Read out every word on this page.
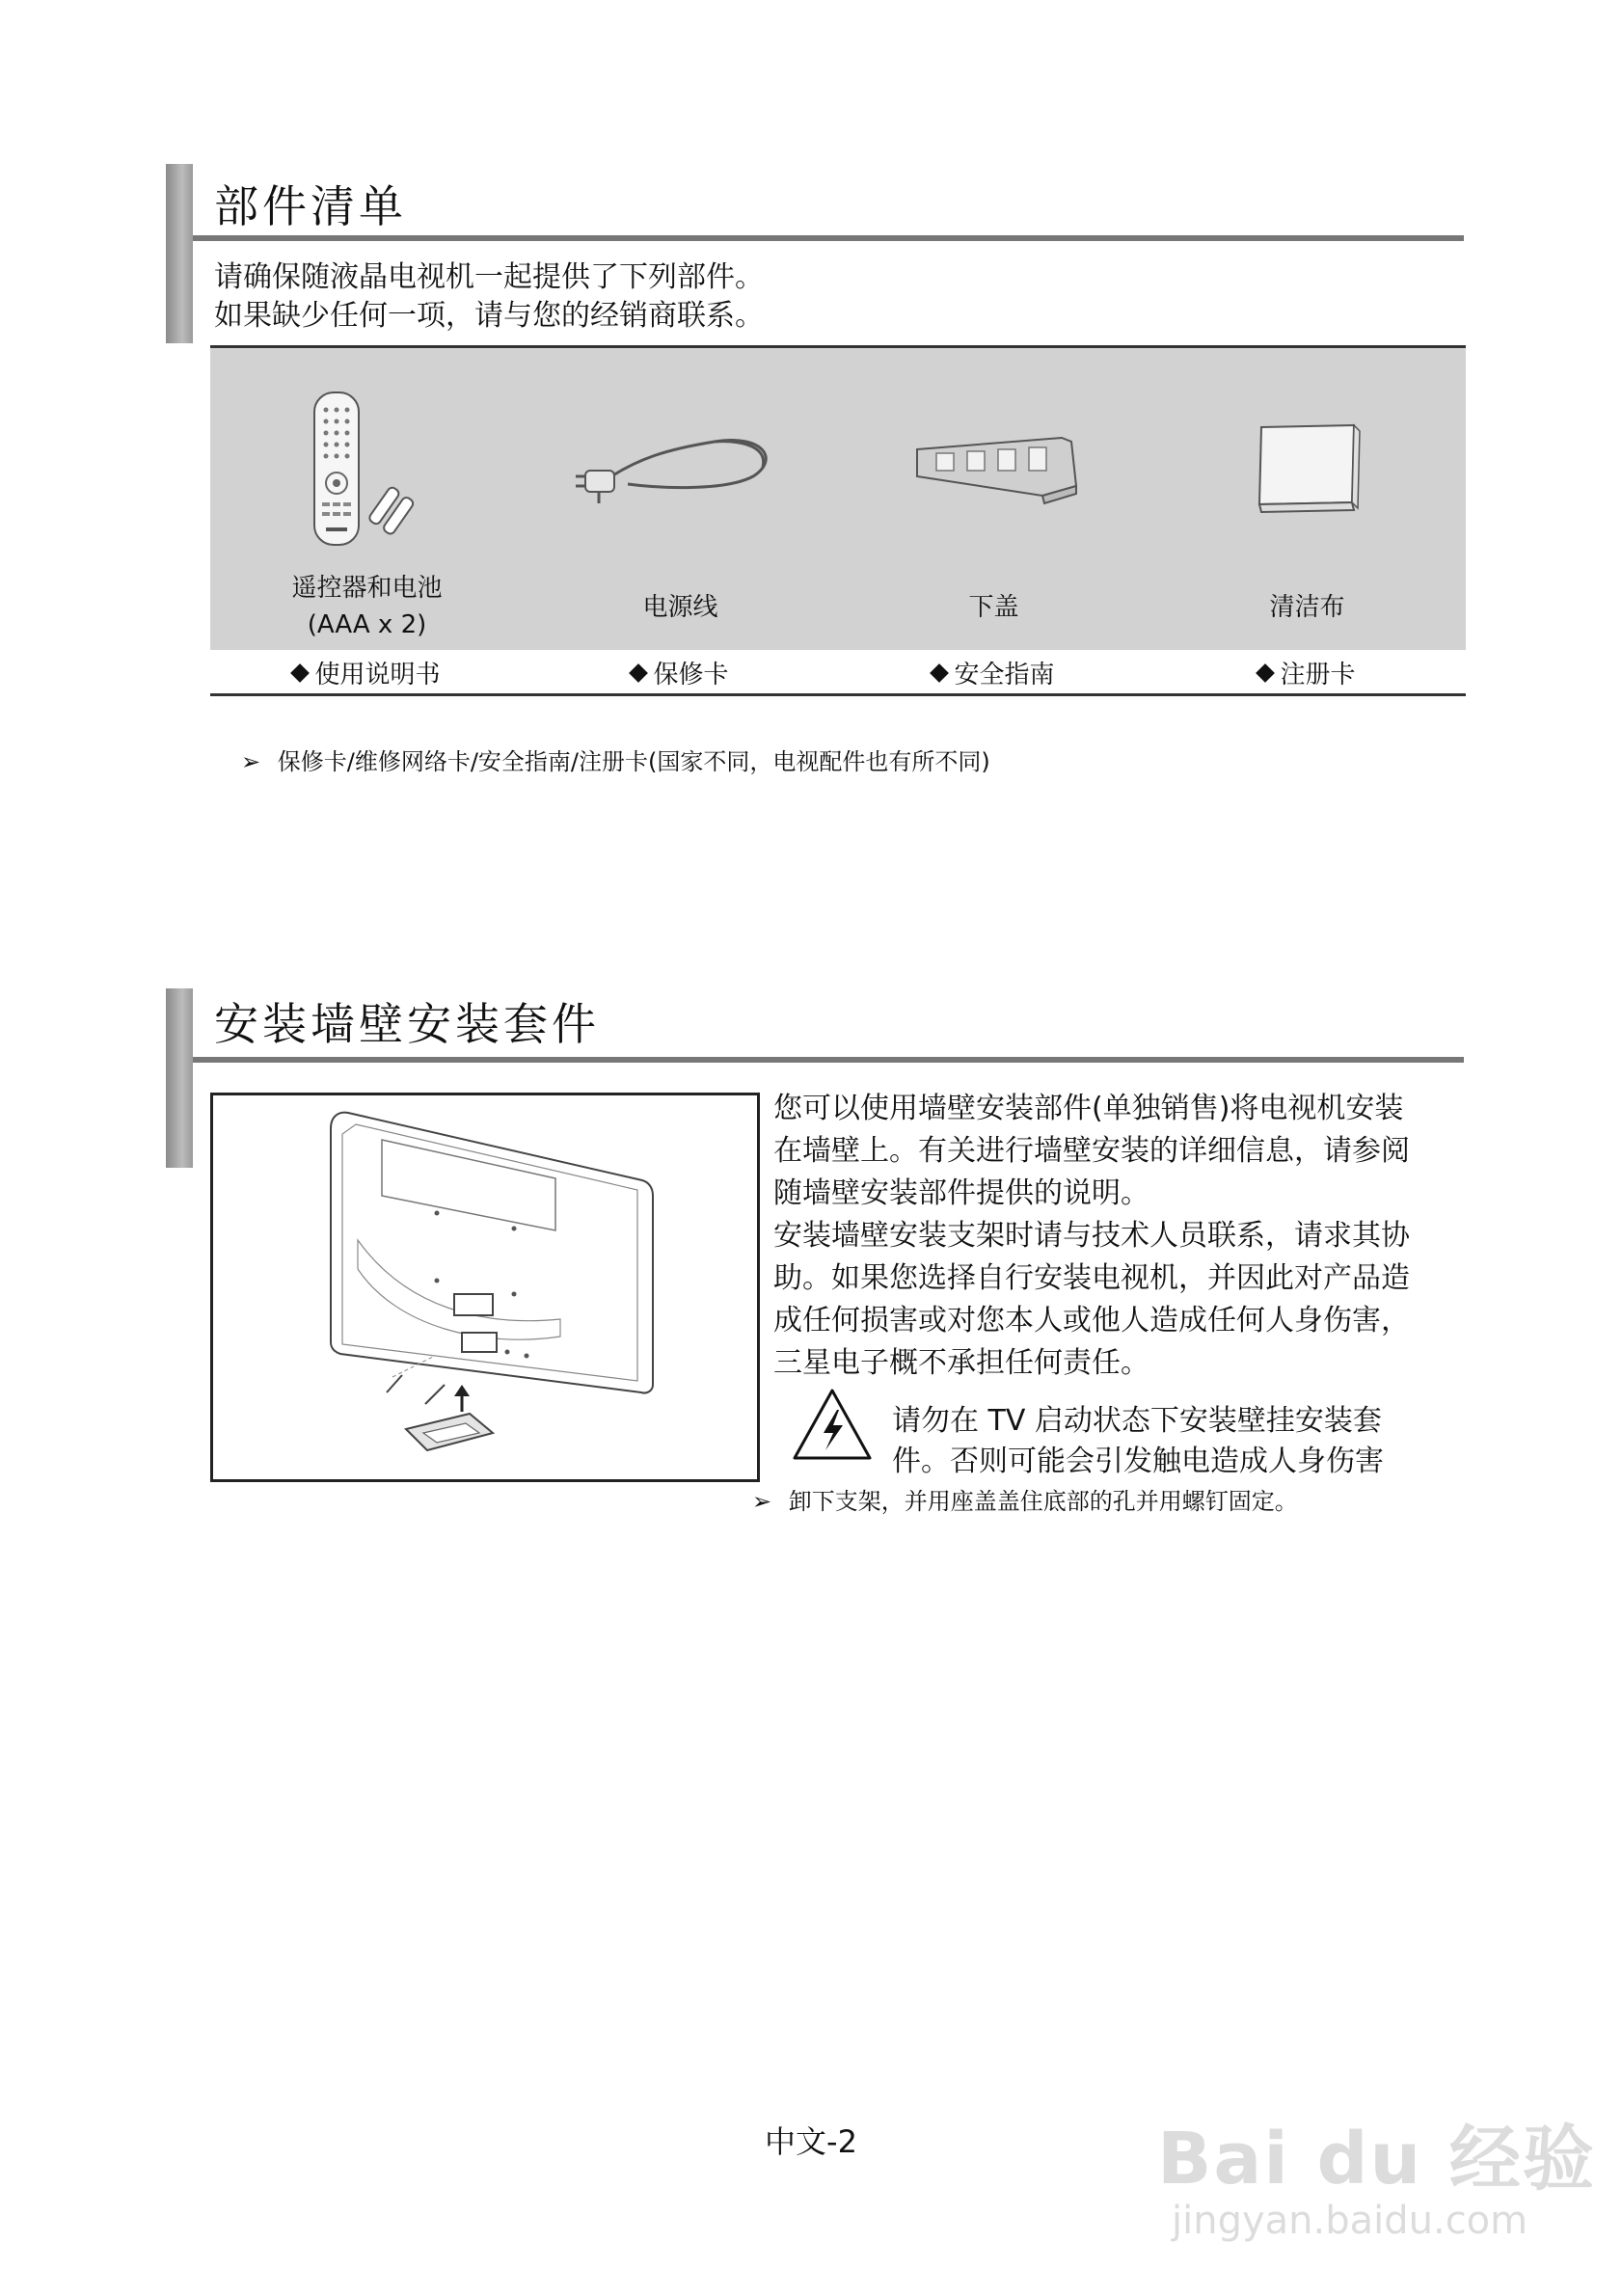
部件清单
请确保随液晶电视机一起提供了下列部件。
如果缺少任何一项，请与您的经销商联系。
遥控器和电池
(AAA x 2)
电源线	下盖	清洁布
使用说明书	保修卡	安全指南	注册卡
➢ 保修卡/维修网络卡/安全指南/注册卡(国家不同，电视配件也有所不同)
安装墙壁安装套件
您可以使用墙壁安装部件(单独销售)将电视机安装
在墙壁上。有关进行墙壁安装的详细信息，请参阅
随墙壁安装部件提供的说明。
安装墙壁安装支架时请与技术人员联系，请求其协
助。如果您选择自行安装电视机，并因此对产品造
成任何损害或对您本人或他人造成任何人身伤害，
三星电子概不承担任何责任。
请勿在 TV 启动状态下安装壁挂安装套
件。否则可能会引发触电造成人身伤害
➢ 卸下支架，并用座盖盖住底部的孔并用螺钉固定。
中文-2	Bai du 经验
jingyan.baidu.com
